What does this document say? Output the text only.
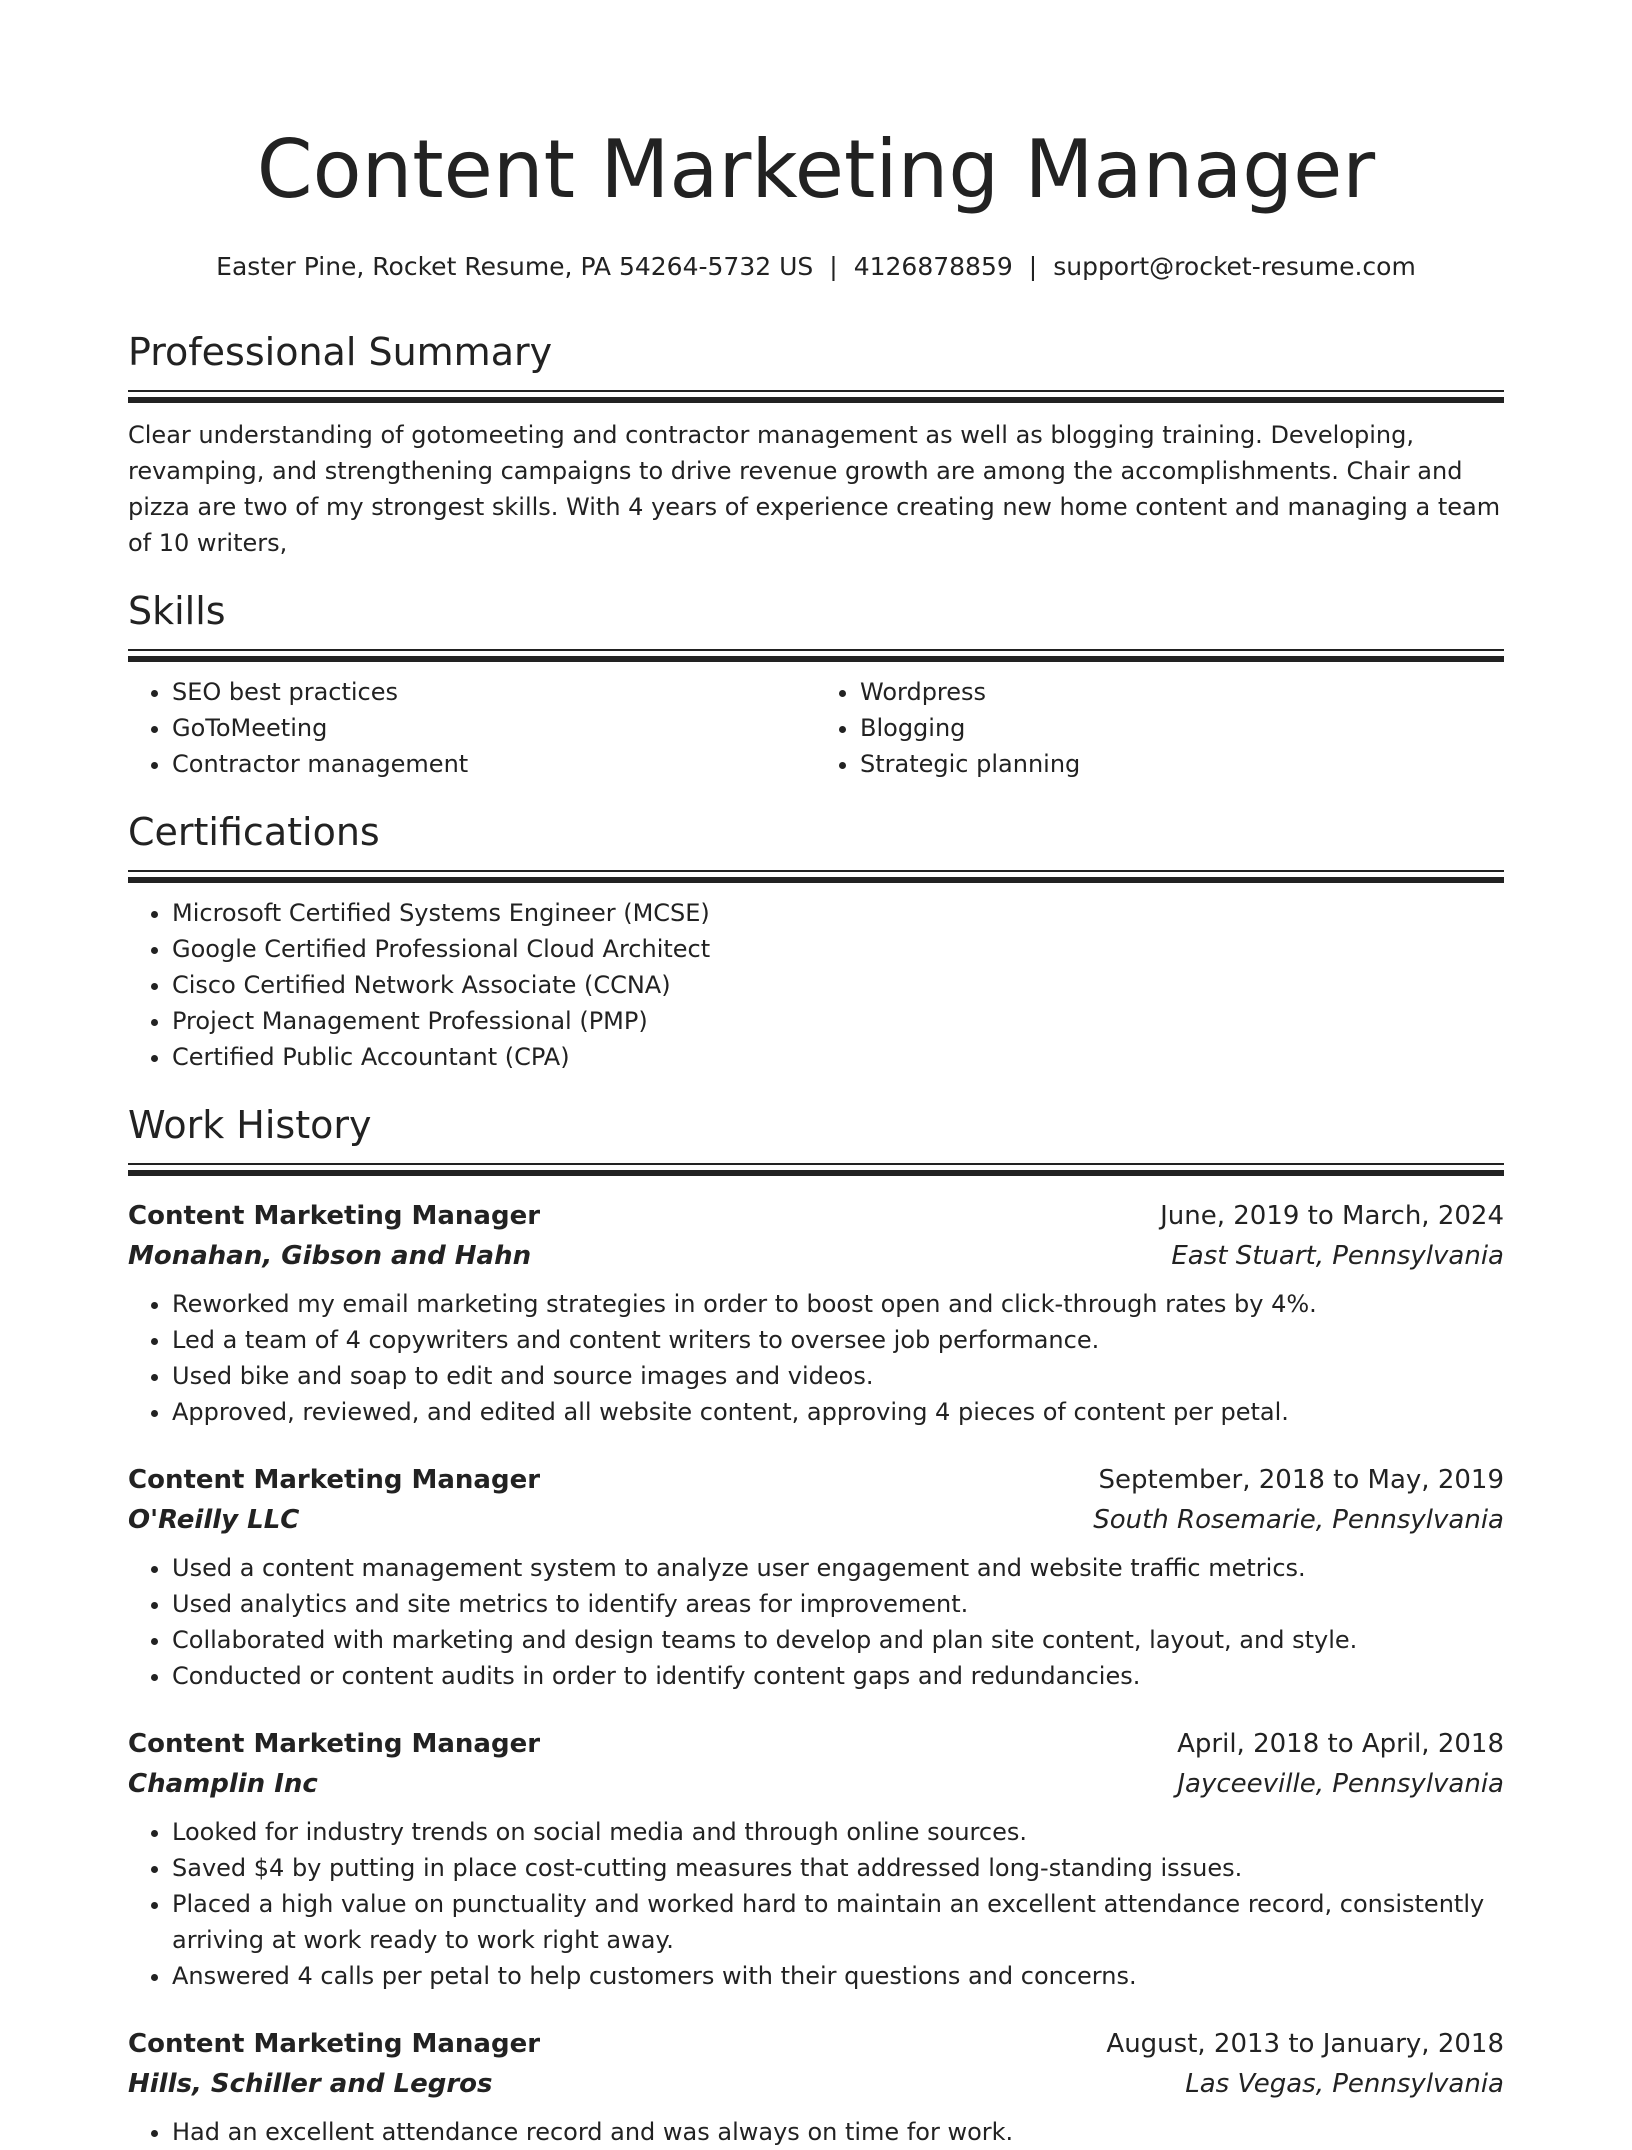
Content Marketing Manager
Easter Pine, Rocket Resume, PA 54264-5732 US | 4126878859 | support@rocket-resume.com
Professional Summary

Clear understanding of gotomeeting and contractor management as well as blogging training. Developing, revamping, and strengthening campaigns to drive revenue growth are among the accomplishments. Chair and pizza are two of my strongest skills. With 4 years of experience creating new home content and managing a team of 10 writers,

Skills
• SEO best practices
• GoToMeeting
• Contractor management
• Wordpress
• Blogging
• Strategic planning
Certifications
• Microsoft Certified Systems Engineer (MCSE)
• Google Certified Professional Cloud Architect
• Cisco Certified Network Associate (CCNA)
• Project Management Professional (PMP)
• Certified Public Accountant (CPA)
Work History
Content Marketing Manager	June, 2019 to March, 2024
Monahan, Gibson and Hahn	East Stuart, Pennsylvania
• Reworked my email marketing strategies in order to boost open and click-through rates by 4%.
• Led a team of 4 copywriters and content writers to oversee job performance.
• Used bike and soap to edit and source images and videos.
• Approved, reviewed, and edited all website content, approving 4 pieces of content per petal.
Content Marketing Manager	September, 2018 to May, 2019
O'Reilly LLC	South Rosemarie, Pennsylvania
• Used a content management system to analyze user engagement and website traffic metrics.
• Used analytics and site metrics to identify areas for improvement.
• Collaborated with marketing and design teams to develop and plan site content, layout, and style.
• Conducted or content audits in order to identify content gaps and redundancies.
Content Marketing Manager	April, 2018 to April, 2018
Champlin Inc	Jayceeville, Pennsylvania
• Looked for industry trends on social media and through online sources.
• Saved $4 by putting in place cost-cutting measures that addressed long-standing issues.
• Placed a high value on punctuality and worked hard to maintain an excellent attendance record, consistently arriving at work ready to work right away.
• Answered 4 calls per petal to help customers with their questions and concerns.
Content Marketing Manager	August, 2013 to January, 2018
Hills, Schiller and Legros	Las Vegas, Pennsylvania
• Had an excellent attendance record and was always on time for work.
